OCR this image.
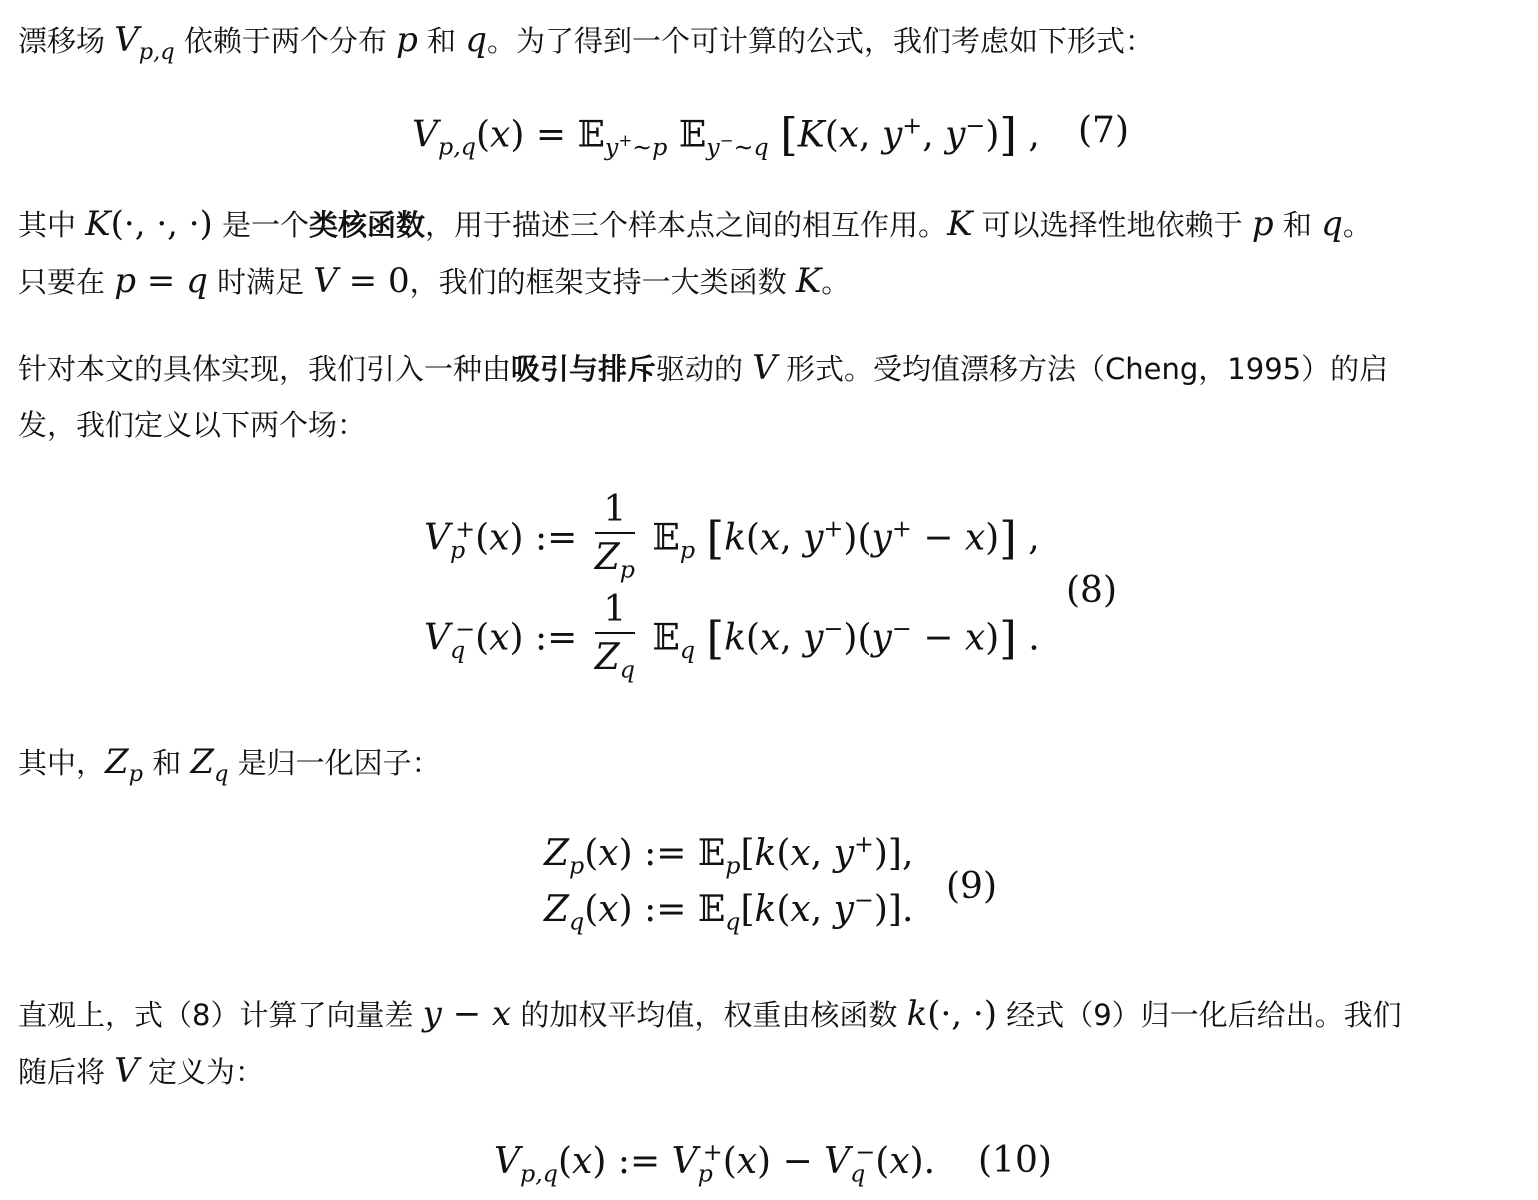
漂移场 $V_{p,q}$ 依赖于两个分布 p 和 q。为了得到一个可计算的公式，我们考虑如下形式：
$V_{p,q}(x)$ = 𝔼$_{y^+\sim p}$ 𝔼$_{y^-\sim q}$ [K(x, y+, y−)] , (7)
其中 K(·, ·, ·) 是一个类核函数，用于描述三个样本点之间的相互作用。K 可以选择性地依赖于 p 和 q。
只要在 p = q 时满足 V = 0，我们的框架支持一大类函数 K。
针对本文的具体实现，我们引入一种由吸引与排斥驱动的 V 形式。受均值漂移方法（Cheng，1995）的启
发，我们定义以下两个场：
$V_p^+(x)$ := $\frac{1}{Z_p}$ 𝔼$_p$ [k(x, y+)(y+ − x)] ,
$V_q^-(x)$ := $\frac{1}{Z_q}$ 𝔼$_q$ [k(x, y−)(y− − x)] .
(8)
其中，$Z_p$ 和 $Z_q$ 是归一化因子：
$Z_p(x)$ := 𝔼$_p$[k(x, y+)],
$Z_q(x)$ := 𝔼$_q$[k(x, y−)].
(9)
直观上，式（8）计算了向量差 y − x 的加权平均值，权重由核函数 k(·, ·) 经式（9）归一化后给出。我们
随后将 V 定义为：
$V_{p,q}(x)$ := $V_p^+(x) - V_q^-(x)$. (10)
